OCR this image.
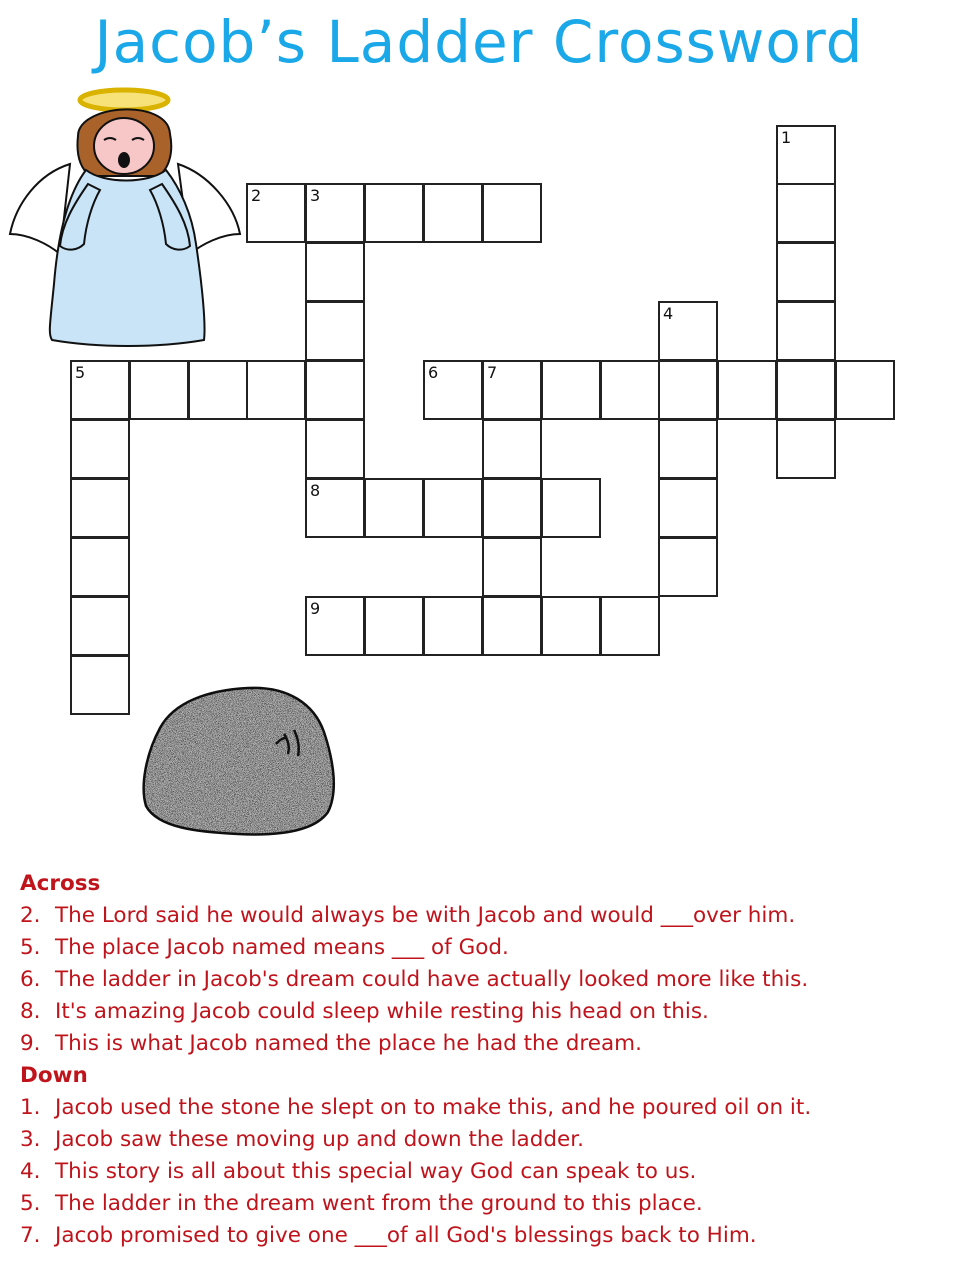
Jacob’s Ladder Crossword
1
2	3
4
5	6	7
8
9
Across
2. The Lord said he would always be with Jacob and would ___over him.
5. The place Jacob named means ___ of God.
6. The ladder in Jacob's dream could have actually looked more like this.
8. It's amazing Jacob could sleep while resting his head on this.
9. This is what Jacob named the place he had the dream.
Down
1. Jacob used the stone he slept on to make this, and he poured oil on it.
3. Jacob saw these moving up and down the ladder.
4. This story is all about this special way God can speak to us.
5. The ladder in the dream went from the ground to this place.
7. Jacob promised to give one ___of all God's blessings back to Him.
